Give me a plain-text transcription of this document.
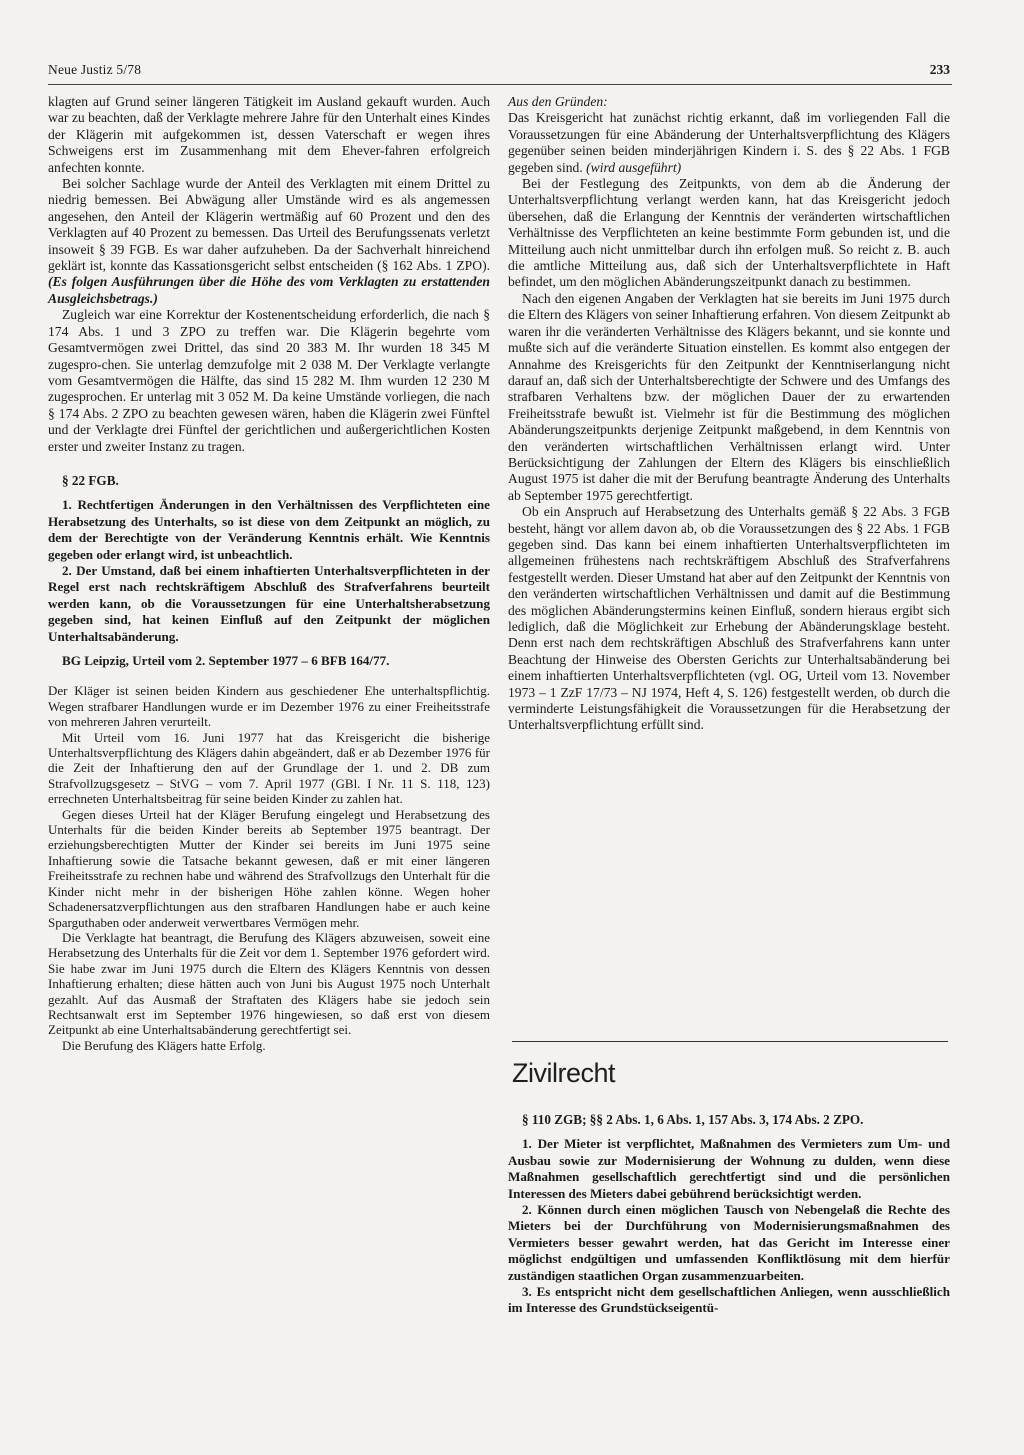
Neue Justiz 5/78	233

klagten auf Grund seiner längeren Tätigkeit im Ausland gekauft wurden. Auch war zu beachten, daß der Verklagte mehrere Jahre für den Unterhalt eines Kindes der Klägerin mit aufgekommen ist, dessen Vaterschaft er wegen ihres Schweigens erst im Zusammenhang mit dem Ehever-fahren erfolgreich anfechten konnte.

Bei solcher Sachlage wurde der Anteil des Verklagten mit einem Drittel zu niedrig bemessen. Bei Abwägung aller Umstände wird es als angemessen angesehen, den Anteil der Klägerin wertmäßig auf 60 Prozent und den des Verklagten auf 40 Prozent zu bemessen. Das Urteil des Berufungssenats verletzt insoweit § 39 FGB. Es war daher aufzuheben. Da der Sachverhalt hinreichend geklärt ist, konnte das Kassationsgericht selbst entscheiden (§ 162 Abs. 1 ZPO). (Es folgen Ausführungen über die Höhe des vom Verklagten zu erstattenden Ausgleichsbetrags.)

Zugleich war eine Korrektur der Kostenentscheidung erforderlich, die nach § 174 Abs. 1 und 3 ZPO zu treffen war. Die Klägerin begehrte vom Gesamtvermögen zwei Drittel, das sind 20 383 M. Ihr wurden 18 345 M zugespro-chen. Sie unterlag demzufolge mit 2 038 M. Der Verklagte verlangte vom Gesamtvermögen die Hälfte, das sind 15 282 M. Ihm wurden 12 230 M zugesprochen. Er unterlag mit 3 052 M. Da keine Umstände vorliegen, die nach § 174 Abs. 2 ZPO zu beachten gewesen wären, haben die Klägerin zwei Fünftel und der Verklagte drei Fünftel der gerichtlichen und außergerichtlichen Kosten erster und zweiter Instanz zu tragen.

§ 22 FGB.

1. Rechtfertigen Änderungen in den Verhältnissen des Verpflichteten eine Herabsetzung des Unterhalts, so ist diese von dem Zeitpunkt an möglich, zu dem der Berechtigte von der Veränderung Kenntnis erhält. Wie Kenntnis gegeben oder erlangt wird, ist unbeachtlich.

2. Der Umstand, daß bei einem inhaftierten Unterhaltsverpflichteten in der Regel erst nach rechtskräftigem Abschluß des Strafverfahrens beurteilt werden kann, ob die Voraussetzungen für eine Unterhaltsherabsetzung gegeben sind, hat keinen Einfluß auf den Zeitpunkt der möglichen Unterhaltsabänderung.

BG Leipzig, Urteil vom 2. September 1977 – 6 BFB 164/77.

Der Kläger ist seinen beiden Kindern aus geschiedener Ehe unterhaltspflichtig. Wegen strafbarer Handlungen wurde er im Dezember 1976 zu einer Freiheitsstrafe von mehreren Jahren verurteilt.

Mit Urteil vom 16. Juni 1977 hat das Kreisgericht die bisherige Unterhaltsverpflichtung des Klägers dahin abgeändert, daß er ab Dezember 1976 für die Zeit der Inhaftierung den auf der Grundlage der 1. und 2. DB zum Strafvollzugsgesetz – StVG – vom 7. April 1977 (GBl. I Nr. 11 S. 118, 123) errechneten Unterhaltsbeitrag für seine beiden Kinder zu zahlen hat.

Gegen dieses Urteil hat der Kläger Berufung eingelegt und Herabsetzung des Unterhalts für die beiden Kinder bereits ab September 1975 beantragt. Der erziehungsberechtigten Mutter der Kinder sei bereits im Juni 1975 seine Inhaftierung sowie die Tatsache bekannt gewesen, daß er mit einer längeren Freiheitsstrafe zu rechnen habe und während des Strafvollzugs den Unterhalt für die Kinder nicht mehr in der bisherigen Höhe zahlen könne. Wegen hoher Schadenersatzverpflichtungen aus den strafbaren Handlungen habe er auch keine Sparguthaben oder anderweit verwertbares Vermögen mehr.

Die Verklagte hat beantragt, die Berufung des Klägers abzuweisen, soweit eine Herabsetzung des Unterhalts für die Zeit vor dem 1. September 1976 gefordert wird. Sie habe zwar im Juni 1975 durch die Eltern des Klägers Kenntnis von dessen Inhaftierung erhalten; diese hätten auch von Juni bis August 1975 noch Unterhalt gezahlt. Auf das Ausmaß der Straftaten des Klägers habe sie jedoch sein Rechtsanwalt erst im September 1976 hingewiesen, so daß erst von diesem Zeitpunkt ab eine Unterhaltsabänderung gerechtfertigt sei.

Die Berufung des Klägers hatte Erfolg.

Aus den Gründen:

Das Kreisgericht hat zunächst richtig erkannt, daß im vorliegenden Fall die Voraussetzungen für eine Abänderung der Unterhaltsverpflichtung des Klägers gegenüber seinen beiden minderjährigen Kindern i. S. des § 22 Abs. 1 FGB gegeben sind. (wird ausgeführt)

Bei der Festlegung des Zeitpunkts, von dem ab die Änderung der Unterhaltsverpflichtung verlangt werden kann, hat das Kreisgericht jedoch übersehen, daß die Erlangung der Kenntnis der veränderten wirtschaftlichen Verhältnisse des Verpflichteten an keine bestimmte Form gebunden ist, und die Mitteilung auch nicht unmittelbar durch ihn erfolgen muß. So reicht z. B. auch die amtliche Mitteilung aus, daß sich der Unterhaltsverpflichtete in Haft befindet, um den möglichen Abänderungszeitpunkt danach zu bestimmen.

Nach den eigenen Angaben der Verklagten hat sie bereits im Juni 1975 durch die Eltern des Klägers von seiner Inhaftierung erfahren. Von diesem Zeitpunkt ab waren ihr die veränderten Verhältnisse des Klägers bekannt, und sie konnte und mußte sich auf die veränderte Situation einstellen. Es kommt also entgegen der Annahme des Kreisgerichts für den Zeitpunkt der Kenntniserlangung nicht darauf an, daß sich der Unterhaltsberechtigte der Schwere und des Umfangs des strafbaren Verhaltens bzw. der möglichen Dauer der zu erwartenden Freiheitsstrafe bewußt ist. Vielmehr ist für die Bestimmung des möglichen Abänderungszeitpunkts derjenige Zeitpunkt maßgebend, in dem Kenntnis von den veränderten wirtschaftlichen Verhältnissen erlangt wird. Unter Berücksichtigung der Zahlungen der Eltern des Klägers bis einschließlich August 1975 ist daher die mit der Berufung beantragte Änderung des Unterhalts ab September 1975 gerechtfertigt.

Ob ein Anspruch auf Herabsetzung des Unterhalts gemäß § 22 Abs. 3 FGB besteht, hängt vor allem davon ab, ob die Voraussetzungen des § 22 Abs. 1 FGB gegeben sind. Das kann bei einem inhaftierten Unterhaltsverpflichteten im allgemeinen frühestens nach rechtskräftigem Abschluß des Strafverfahrens festgestellt werden. Dieser Umstand hat aber auf den Zeitpunkt der Kenntnis von den veränderten wirtschaftlichen Verhältnissen und damit auf die Bestimmung des möglichen Abänderungstermins keinen Einfluß, sondern hieraus ergibt sich lediglich, daß die Möglichkeit zur Erhebung der Abänderungsklage besteht. Denn erst nach dem rechtskräftigen Abschluß des Strafverfahrens kann unter Beachtung der Hinweise des Obersten Gerichts zur Unterhaltsabänderung bei einem inhaftierten Unterhaltsverpflichteten (vgl. OG, Urteil vom 13. November 1973 – 1 ZzF 17/73 – NJ 1974, Heft 4, S. 126) festgestellt werden, ob durch die verminderte Leistungsfähigkeit die Voraussetzungen für die Herabsetzung der Unterhaltsverpflichtung erfüllt sind.

Zivilrecht

§ 110 ZGB; §§ 2 Abs. 1, 6 Abs. 1, 157 Abs. 3, 174 Abs. 2 ZPO.

1. Der Mieter ist verpflichtet, Maßnahmen des Vermieters zum Um- und Ausbau sowie zur Modernisierung der Wohnung zu dulden, wenn diese Maßnahmen gesellschaftlich gerechtfertigt sind und die persönlichen Interessen des Mieters dabei gebührend berücksichtigt werden.

2. Können durch einen möglichen Tausch von Nebengelaß die Rechte des Mieters bei der Durchführung von Modernisierungsmaßnahmen des Vermieters besser gewahrt werden, hat das Gericht im Interesse einer möglichst endgültigen und umfassenden Konfliktlösung mit dem hierfür zuständigen staatlichen Organ zusammenzuarbeiten.

3. Es entspricht nicht dem gesellschaftlichen Anliegen, wenn ausschließlich im Interesse des Grundstückseigentü-
